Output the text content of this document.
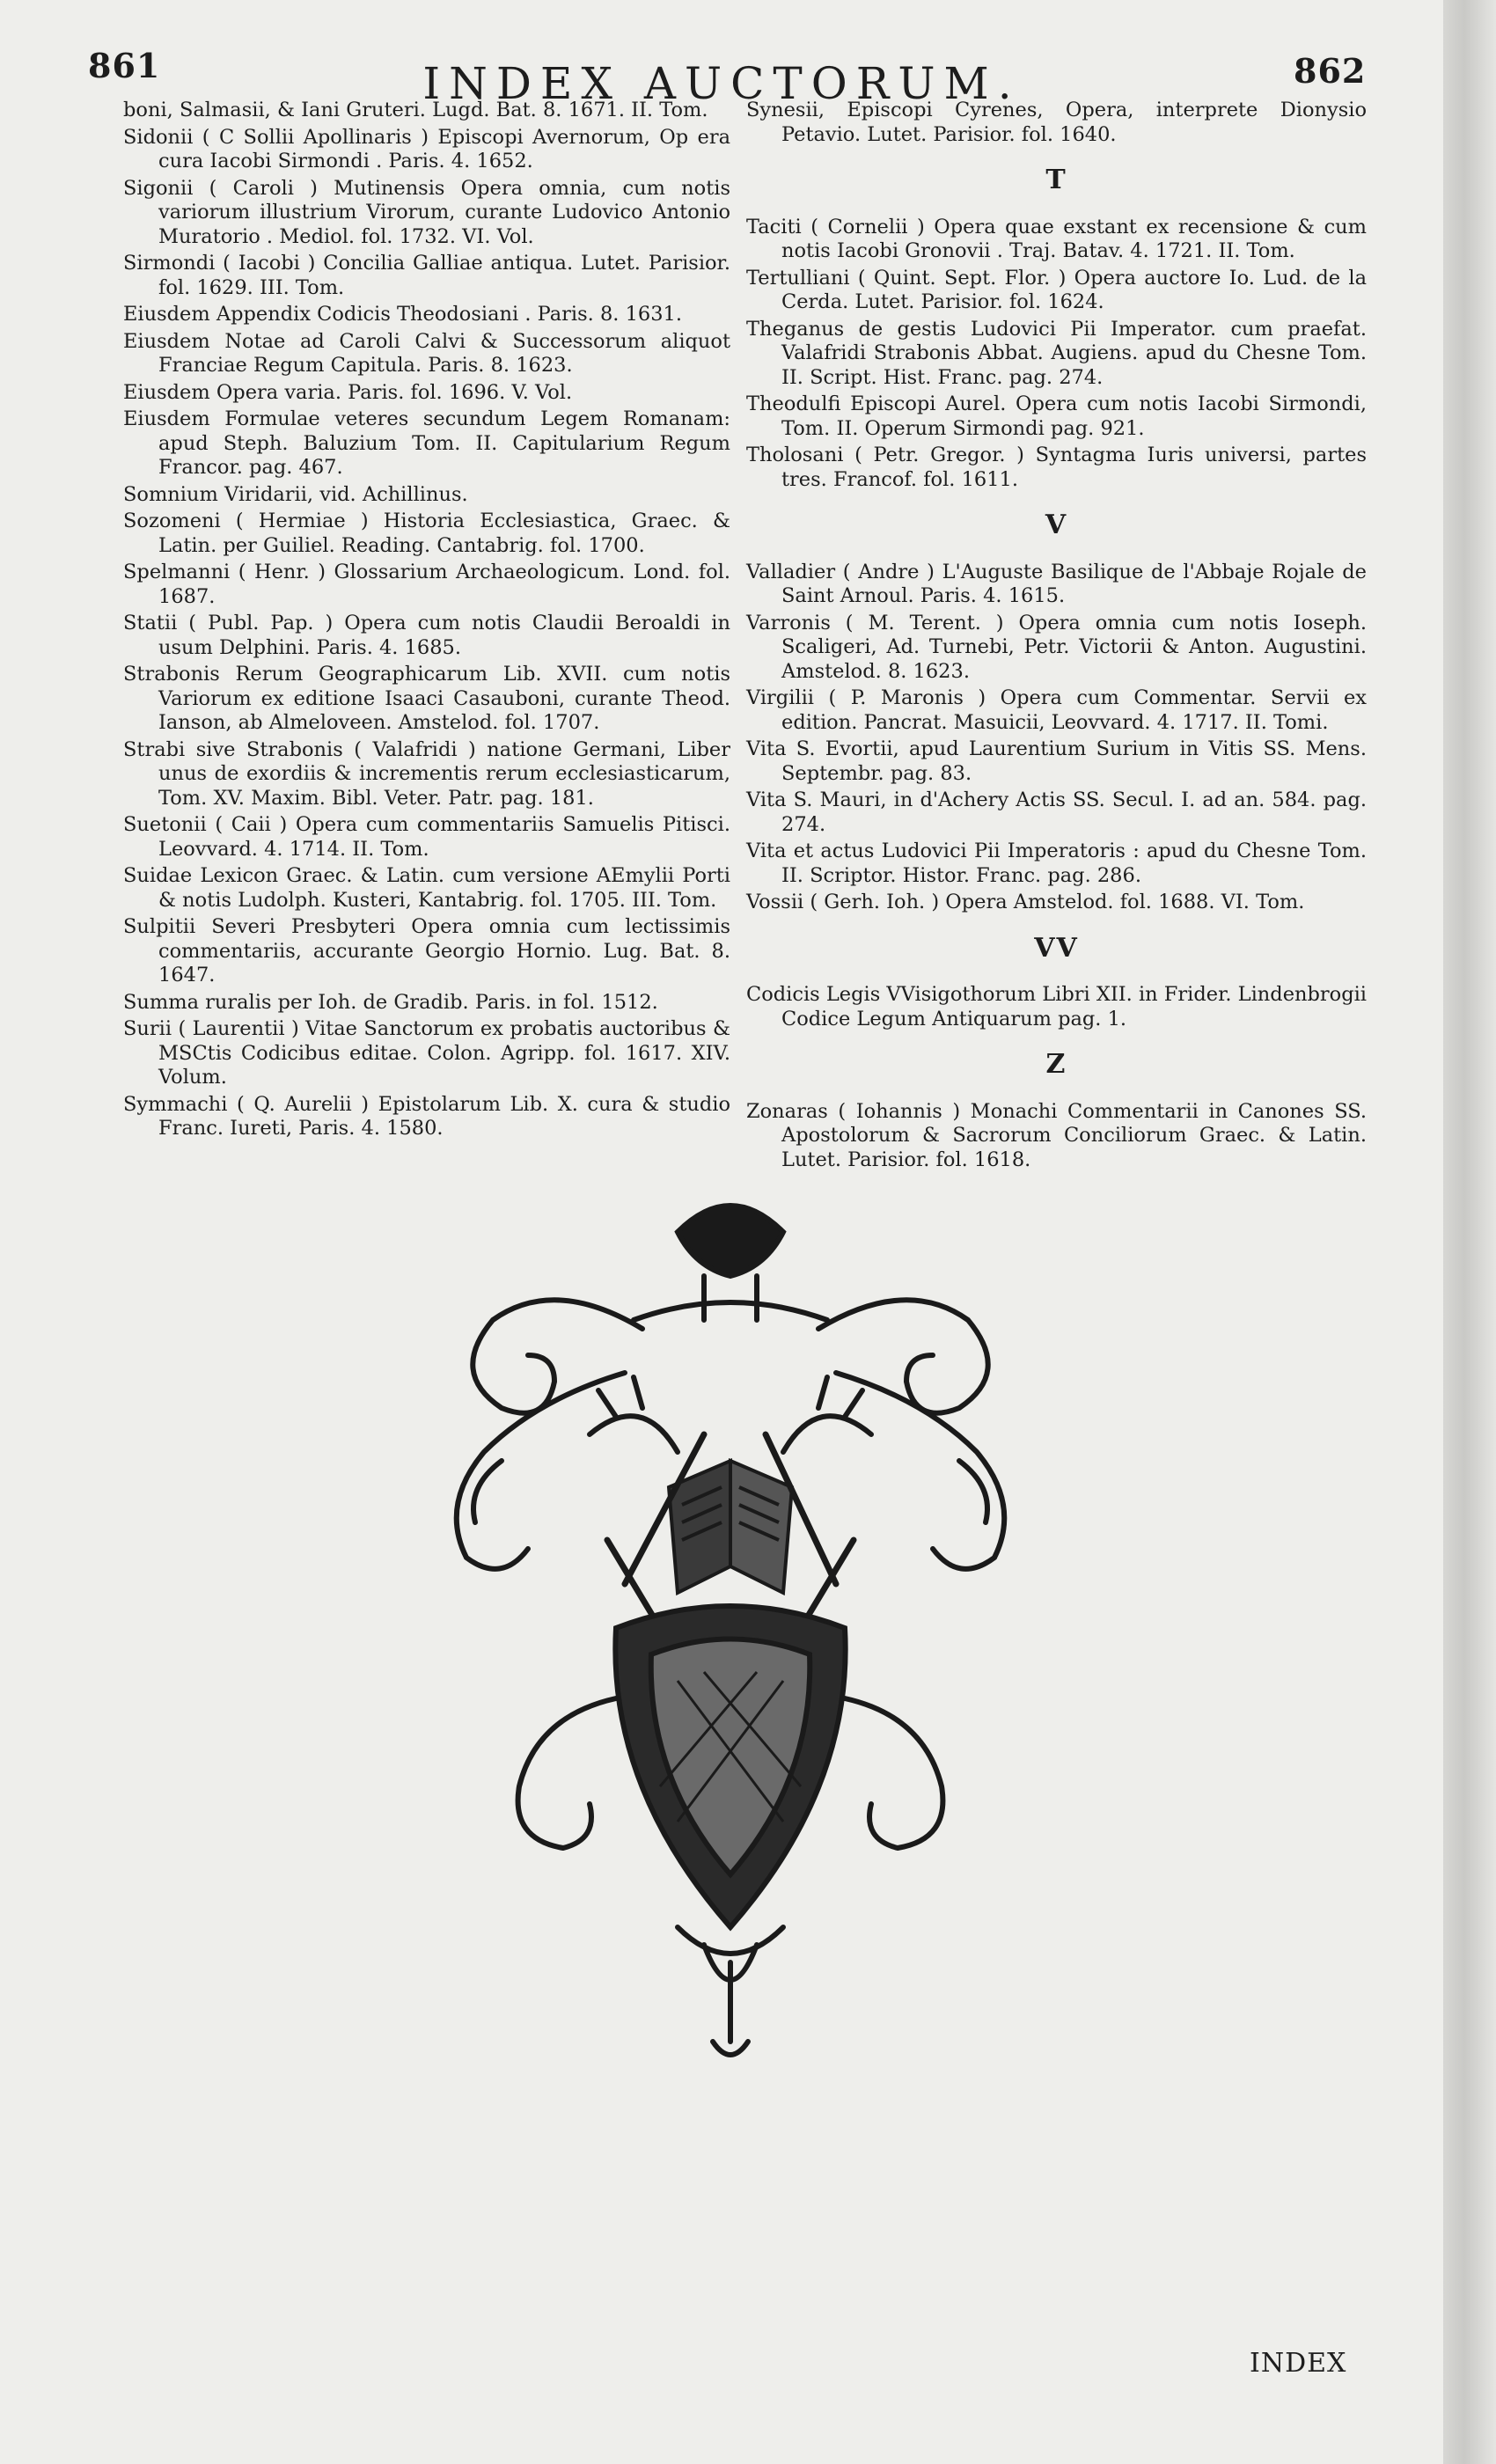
861	862
INDEX AUCTORUM.

boni, Salmasii, & Iani Gruteri. Lugd. Bat. 8. 1671. II. Tom.

Sidonii ( C Sollii Apollinaris ) Episcopi Avernorum, Op era cura Iacobi Sirmondi . Paris. 4. 1652.

Sigonii ( Caroli ) Mutinensis Opera omnia, cum notis variorum illustrium Virorum, curante Ludovico Antonio Muratorio . Mediol. fol. 1732. VI. Vol.

Sirmondi ( Iacobi ) Concilia Galliae antiqua. Lutet. Parisior. fol. 1629. III. Tom.

Eiusdem Appendix Codicis Theodosiani . Paris. 8. 1631.

Eiusdem Notae ad Caroli Calvi & Successorum aliquot Franciae Regum Capitula. Paris. 8. 1623.

Eiusdem Opera varia. Paris. fol. 1696. V. Vol.

Eiusdem Formulae veteres secundum Legem Romanam: apud Steph. Baluzium Tom. II. Capitularium Regum Francor. pag. 467.

Somnium Viridarii, vid. Achillinus.

Sozomeni ( Hermiae ) Historia Ecclesiastica, Graec. & Latin. per Guiliel. Reading. Cantabrig. fol. 1700.

Spelmanni ( Henr. ) Glossarium Archaeologicum. Lond. fol. 1687.

Statii ( Publ. Pap. ) Opera cum notis Claudii Beroaldi in usum Delphini. Paris. 4. 1685.

Strabonis Rerum Geographicarum Lib. XVII. cum notis Variorum ex editione Isaaci Casauboni, curante Theod. Ianson, ab Almeloveen. Amstelod. fol. 1707.

Strabi sive Strabonis ( Valafridi ) natione Germani, Liber unus de exordiis & incrementis rerum ecclesiasticarum, Tom. XV. Maxim. Bibl. Veter. Patr. pag. 181.

Suetonii ( Caii ) Opera cum commentariis Samuelis Pitisci. Leovvard. 4. 1714. II. Tom.

Suidae Lexicon Graec. & Latin. cum versione AEmylii Porti & notis Ludolph. Kusteri, Kantabrig. fol. 1705. III. Tom.

Sulpitii Severi Presbyteri Opera omnia cum lectissimis commentariis, accurante Georgio Hornio. Lug. Bat. 8. 1647.

Summa ruralis per Ioh. de Gradib. Paris. in fol. 1512.

Surii ( Laurentii ) Vitae Sanctorum ex probatis auctoribus & MSCtis Codicibus editae. Colon. Agripp. fol. 1617. XIV. Volum.

Symmachi ( Q. Aurelii ) Epistolarum Lib. X. cura & studio Franc. Iureti, Paris. 4. 1580.

Synesii, Episcopi Cyrenes, Opera, interprete Dionysio Petavio. Lutet. Parisior. fol. 1640.

T

Taciti ( Cornelii ) Opera quae exstant ex recensione & cum notis Iacobi Gronovii . Traj. Batav. 4. 1721. II. Tom.

Tertulliani ( Quint. Sept. Flor. ) Opera auctore Io. Lud. de la Cerda. Lutet. Parisior. fol. 1624.

Theganus de gestis Ludovici Pii Imperator. cum praefat. Valafridi Strabonis Abbat. Augiens. apud du Chesne Tom. II. Script. Hist. Franc. pag. 274.

Theodulfi Episcopi Aurel. Opera cum notis Iacobi Sirmondi, Tom. II. Operum Sirmondi pag. 921.

Tholosani ( Petr. Gregor. ) Syntagma Iuris universi, partes tres. Francof. fol. 1611.

V

Valladier ( Andre ) L'Auguste Basilique de l'Abbaje Rojale de Saint Arnoul. Paris. 4. 1615.

Varronis ( M. Terent. ) Opera omnia cum notis Ioseph. Scaligeri, Ad. Turnebi, Petr. Victorii & Anton. Augustini. Amstelod. 8. 1623.

Virgilii ( P. Maronis ) Opera cum Commentar. Servii ex edition. Pancrat. Masuicii, Leovvard. 4. 1717. II. Tomi.

Vita S. Evortii, apud Laurentium Surium in Vitis SS. Mens. Septembr. pag. 83.

Vita S. Mauri, in d'Achery Actis SS. Secul. I. ad an. 584. pag. 274.

Vita et actus Ludovici Pii Imperatoris : apud du Chesne Tom. II. Scriptor. Histor. Franc. pag. 286.

Vossii ( Gerh. Ioh. ) Opera Amstelod. fol. 1688. VI. Tom.

VV

Codicis Legis VVisigothorum Libri XII. in Frider. Lindenbrogii Codice Legum Antiquarum pag. 1.

Z

Zonaras ( Iohannis ) Monachi Commentarii in Canones SS. Apostolorum & Sacrorum Conciliorum Graec. & Latin. Lutet. Parisior. fol. 1618.

INDEX
